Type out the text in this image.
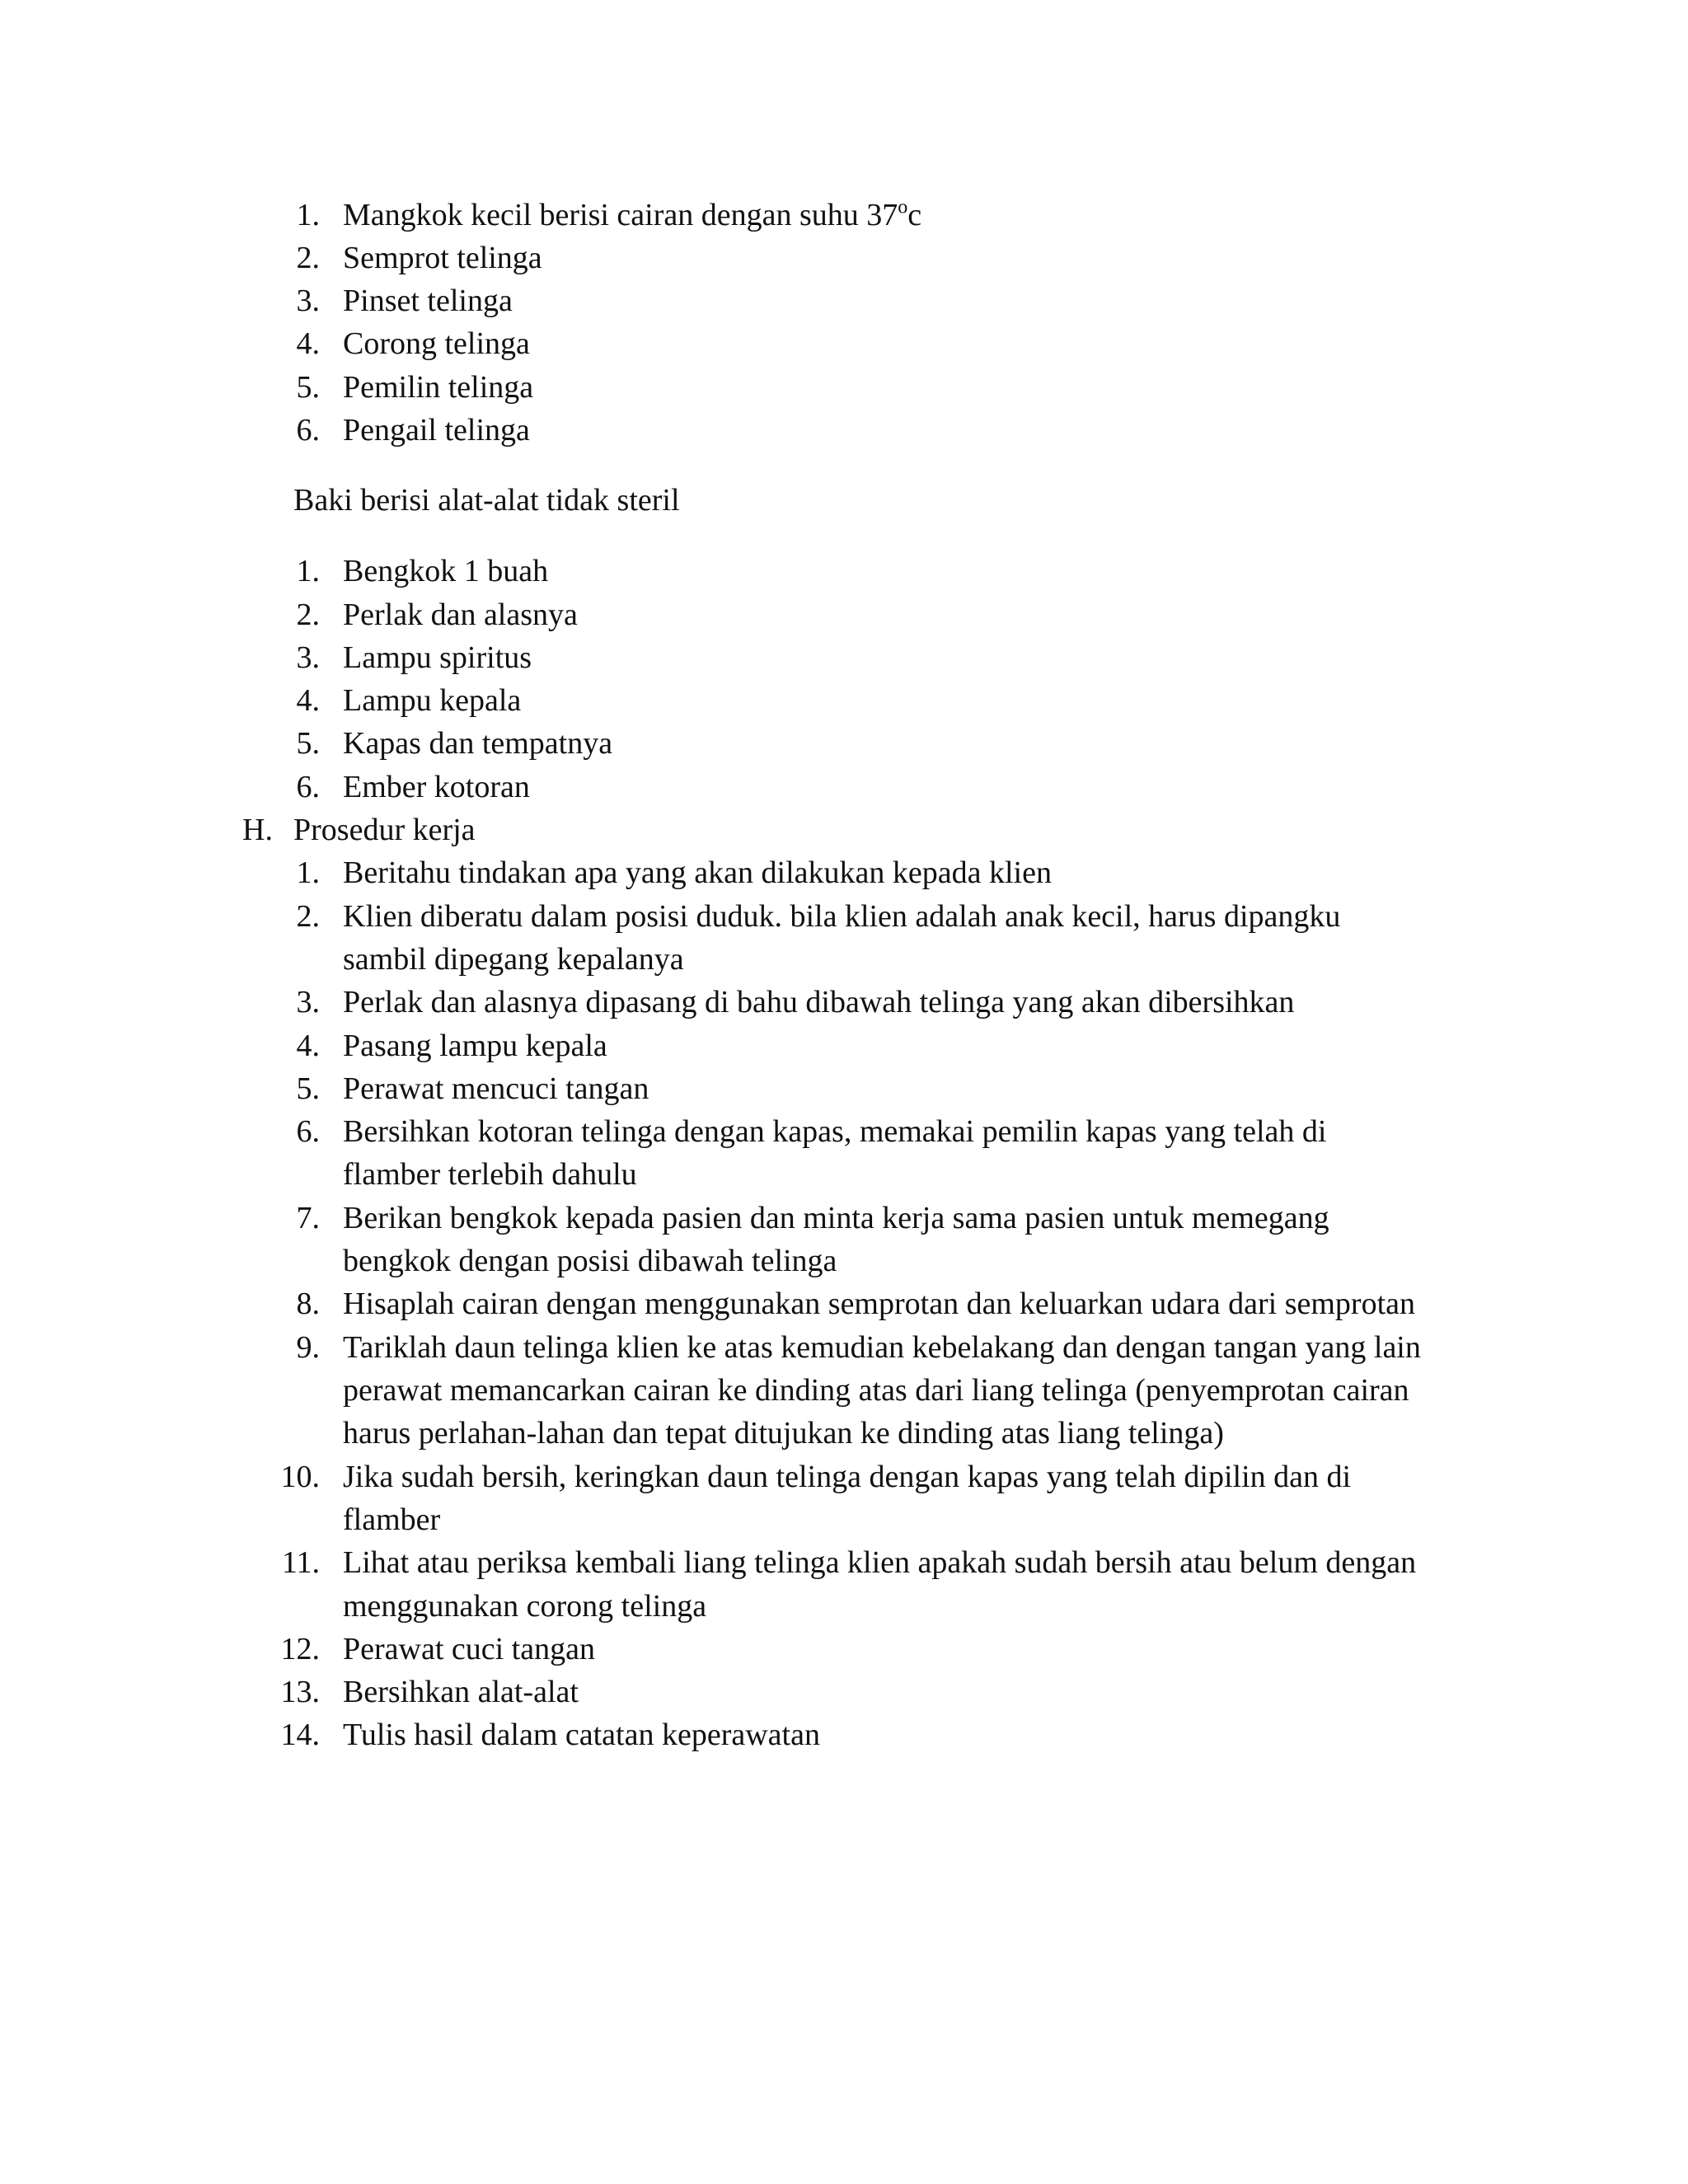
1. Mangkok kecil berisi cairan dengan suhu 37$^o$c
2. Semprot telinga
3. Pinset telinga
4. Corong telinga
5. Pemilin telinga
6. Pengail telinga
Baki berisi alat-alat tidak steril
1. Bengkok 1 buah
2. Perlak dan alasnya
3. Lampu spiritus
4. Lampu kepala
5. Kapas dan tempatnya
6. Ember kotoran
H. Prosedur kerja
1. Beritahu tindakan apa yang akan dilakukan kepada klien
2. Klien diberatu dalam posisi duduk. bila klien adalah anak kecil, harus dipangku
sambil dipegang kepalanya
3. Perlak dan alasnya dipasang di bahu dibawah telinga yang akan dibersihkan
4. Pasang lampu kepala
5. Perawat mencuci tangan
6. Bersihkan kotoran telinga dengan kapas, memakai pemilin kapas yang telah di
flamber terlebih dahulu
7. Berikan bengkok kepada pasien dan minta kerja sama pasien untuk memegang
bengkok dengan posisi dibawah telinga
8. Hisaplah cairan dengan menggunakan semprotan dan keluarkan udara dari semprotan
9. Tariklah daun telinga klien ke atas kemudian kebelakang dan dengan tangan yang lain
perawat memancarkan cairan ke dinding atas dari liang telinga (penyemprotan cairan
harus perlahan-lahan dan tepat ditujukan ke dinding atas liang telinga)
10. Jika sudah bersih, keringkan daun telinga dengan kapas yang telah dipilin dan di
flamber
11. Lihat atau periksa kembali liang telinga klien apakah sudah bersih atau belum dengan
menggunakan corong telinga
12. Perawat cuci tangan
13. Bersihkan alat-alat
14. Tulis hasil dalam catatan keperawatan
